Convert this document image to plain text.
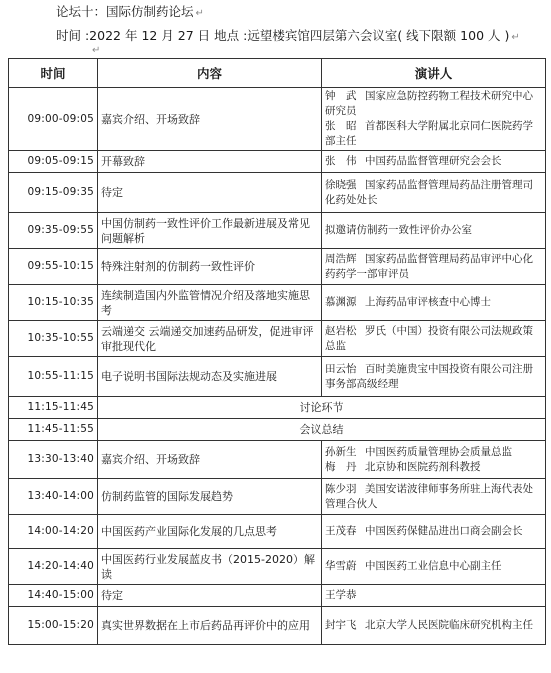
论坛十：国际仿制药论坛 ↵
时间 :2022 年 12 月 27 日 地点 :远望楼宾馆四层第六会议室( 线下限额 100 人 ) ↵
↵
时间	内容	演讲人
09:00-09:05	嘉宾介绍、开场致辞	钟　武 国家应急防控药物工程技术研究中心研究员
张　昭 首都医科大学附属北京同仁医院药学部主任

09:05-09:15	开幕致辞	张　伟 中国药品监督管理研究会会长

09:15-09:35	待定	徐晓强 国家药品监督管理局药品注册管理司化药处处长

09:35-09:55	中国仿制药一致性评价工作最新进展及常见问题解析	拟邀请仿制药一致性评价办公室

09:55-10:15	特殊注射剂的仿制药一致性评价	周浩辉 国家药品监督管理局药品审评中心化药药学一部审评员

10:15-10:35	连续制造国内外监管情况介绍及落地实施思考	慕渊源 上海药品审评核查中心博士

10:35-10:55	云端递交 云端递交加速药品研发，促进审评审批现代化	赵岩松 罗氏（中国）投资有限公司法规政策总监

10:55-11:15	电子说明书国际法规动态及实施进展	田云怡 百时美施贵宝中国投资有限公司注册事务部高级经理

11:15-11:45	讨论环节	
11:45-11:55	会议总结	
13:30-13:40	嘉宾介绍、开场致辞	孙新生 中国医药质量管理协会质量总监
梅　丹 北京协和医院药剂科教授

13:40-14:00	仿制药监管的国际发展趋势	陈少羽 美国安诺波律师事务所驻上海代表处管理合伙人

14:00-14:20	中国医药产业国际化发展的几点思考	王茂春 中国医药保健品进出口商会副会长

14:20-14:40	中国医药行业发展蓝皮书（2015-2020）解读	华雪蔚 中国医药工业信息中心副主任

14:40-15:00	待定	王学恭

15:00-15:20	真实世界数据在上市后药品再评价中的应用	封宇飞 北京大学人民医院临床研究机构主任
